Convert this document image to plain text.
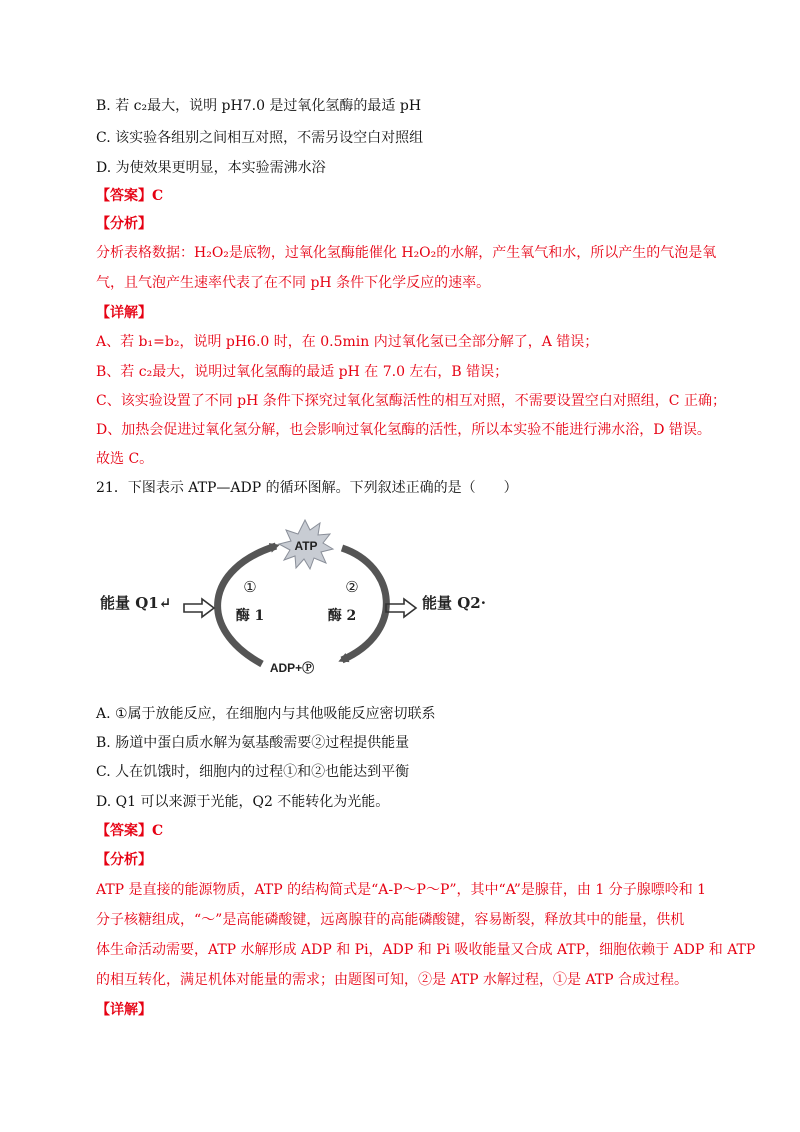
B. 若 c₂最大，说明 pH7.0 是过氧化氢酶的最适 pH
C. 该实验各组别之间相互对照，不需另设空白对照组
D. 为使效果更明显，本实验需沸水浴
【答案】C
【分析】
分析表格数据：H₂O₂是底物，过氧化氢酶能催化 H₂O₂的水解，产生氧气和水，所以产生的气泡是氧
气，且气泡产生速率代表了在不同 pH 条件下化学反应的速率。
【详解】
A、若 b₁=b₂，说明 pH6.0 时，在 0.5min 内过氧化氢已全部分解了，A 错误；
B、若 c₂最大，说明过氧化氢酶的最适 pH 在 7.0 左右，B 错误；
C、该实验设置了不同 pH 条件下探究过氧化氢酶活性的相互对照，不需要设置空白对照组，C 正确；
D、加热会促进过氧化氢分解，也会影响过氧化氢酶的活性，所以本实验不能进行沸水浴，D 错误。
故选 C。
21．下图表示 ATP—ADP 的循环图解。下列叙述正确的是（　　）
ATP
①
酶 1
②
酶 2
ADP+Ⓟ
能量 Q1↵	能量 Q2·
A. ①属于放能反应，在细胞内与其他吸能反应密切联系
B. 肠道中蛋白质水解为氨基酸需要②过程提供能量
C. 人在饥饿时，细胞内的过程①和②也能达到平衡
D. Q1 可以来源于光能，Q2 不能转化为光能。
【答案】C
【分析】
ATP 是直接的能源物质，ATP 的结构简式是“A-P～P～P”，其中“A”是腺苷，由 1 分子腺嘌呤和 1
分子核糖组成，“～”是高能磷酸键，远离腺苷的高能磷酸键，容易断裂，释放其中的能量，供机
体生命活动需要，ATP 水解形成 ADP 和 Pi，ADP 和 Pi 吸收能量又合成 ATP，细胞依赖于 ADP 和 ATP
的相互转化，满足机体对能量的需求；由题图可知，②是 ATP 水解过程，①是 ATP 合成过程。
【详解】
